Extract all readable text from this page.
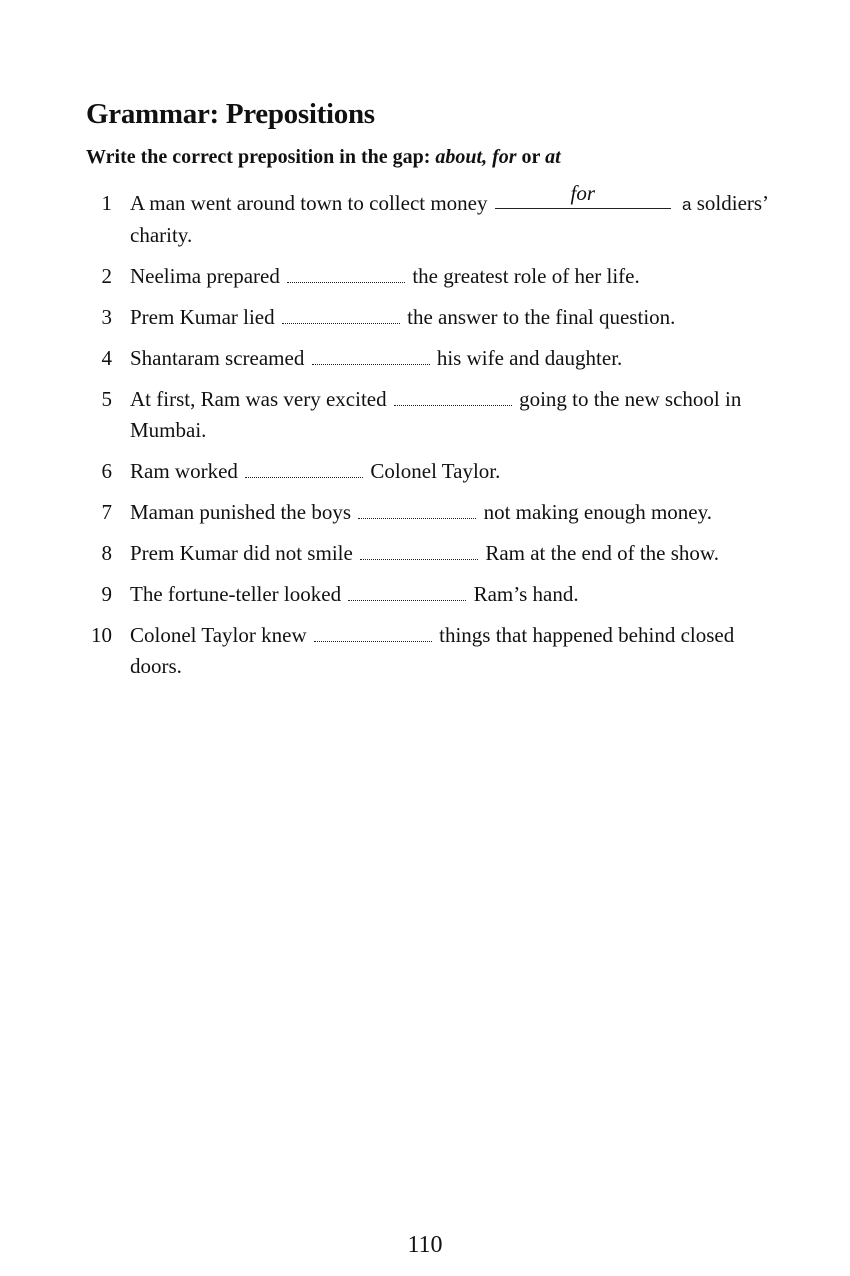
Grammar: Prepositions
Write the correct preposition in the gap: about, for or at
1 A man went around town to collect money	for	a soldiers’ charity.
2 Neelima prepared	the greatest role of her life.
3 Prem Kumar lied	the answer to the final question.
4 Shantaram screamed	his wife and daughter.
5 At first, Ram was very excited	going to the new school in Mumbai.
6 Ram worked	Colonel Taylor.
7 Maman punished the boys	not making enough money.
8 Prem Kumar did not smile	Ram at the end of the show.
9 The fortune-teller looked	Ram’s hand.
10 Colonel Taylor knew	things that happened behind closed doors.
110
